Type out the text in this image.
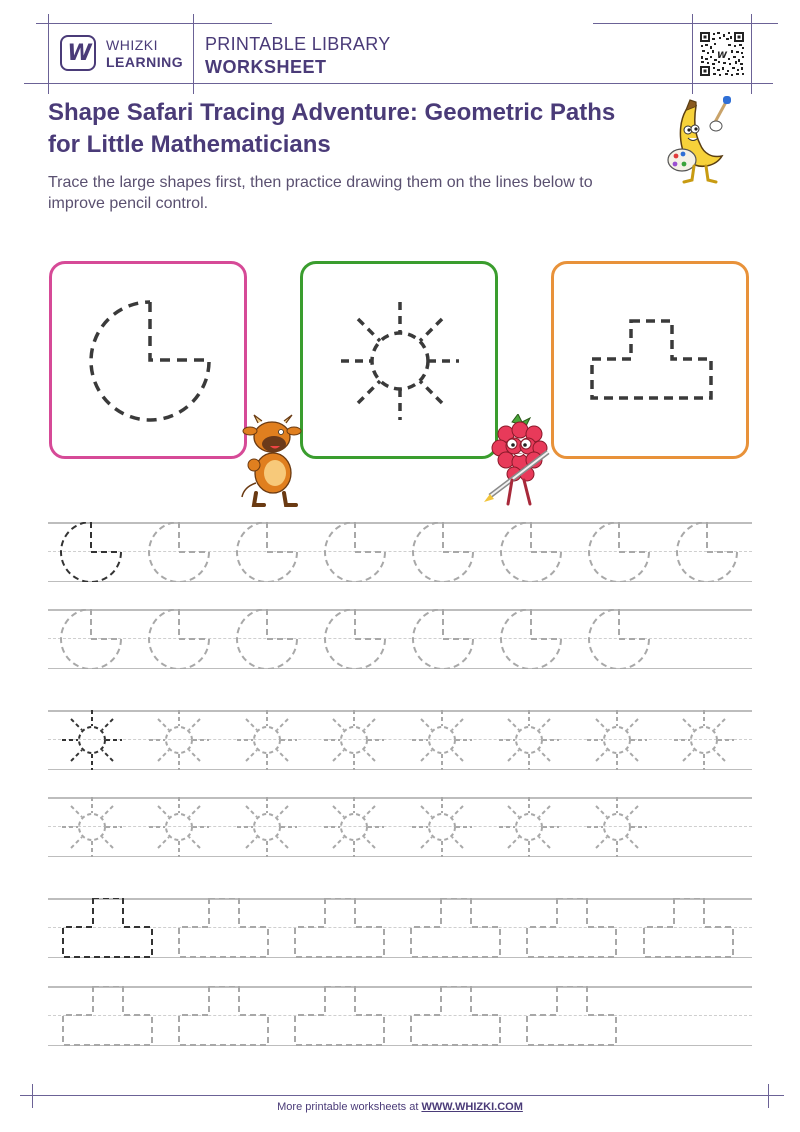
W WHIZKI
LEARNING
PRINTABLE LIBRARY
WORKSHEET
W
Shape Safari Tracing Adventure: Geometric Paths for Little Mathematicians
Trace the large shapes first, then practice drawing them on the lines below to improve pencil control.
More printable worksheets at WWW.WHIZKI.COM
